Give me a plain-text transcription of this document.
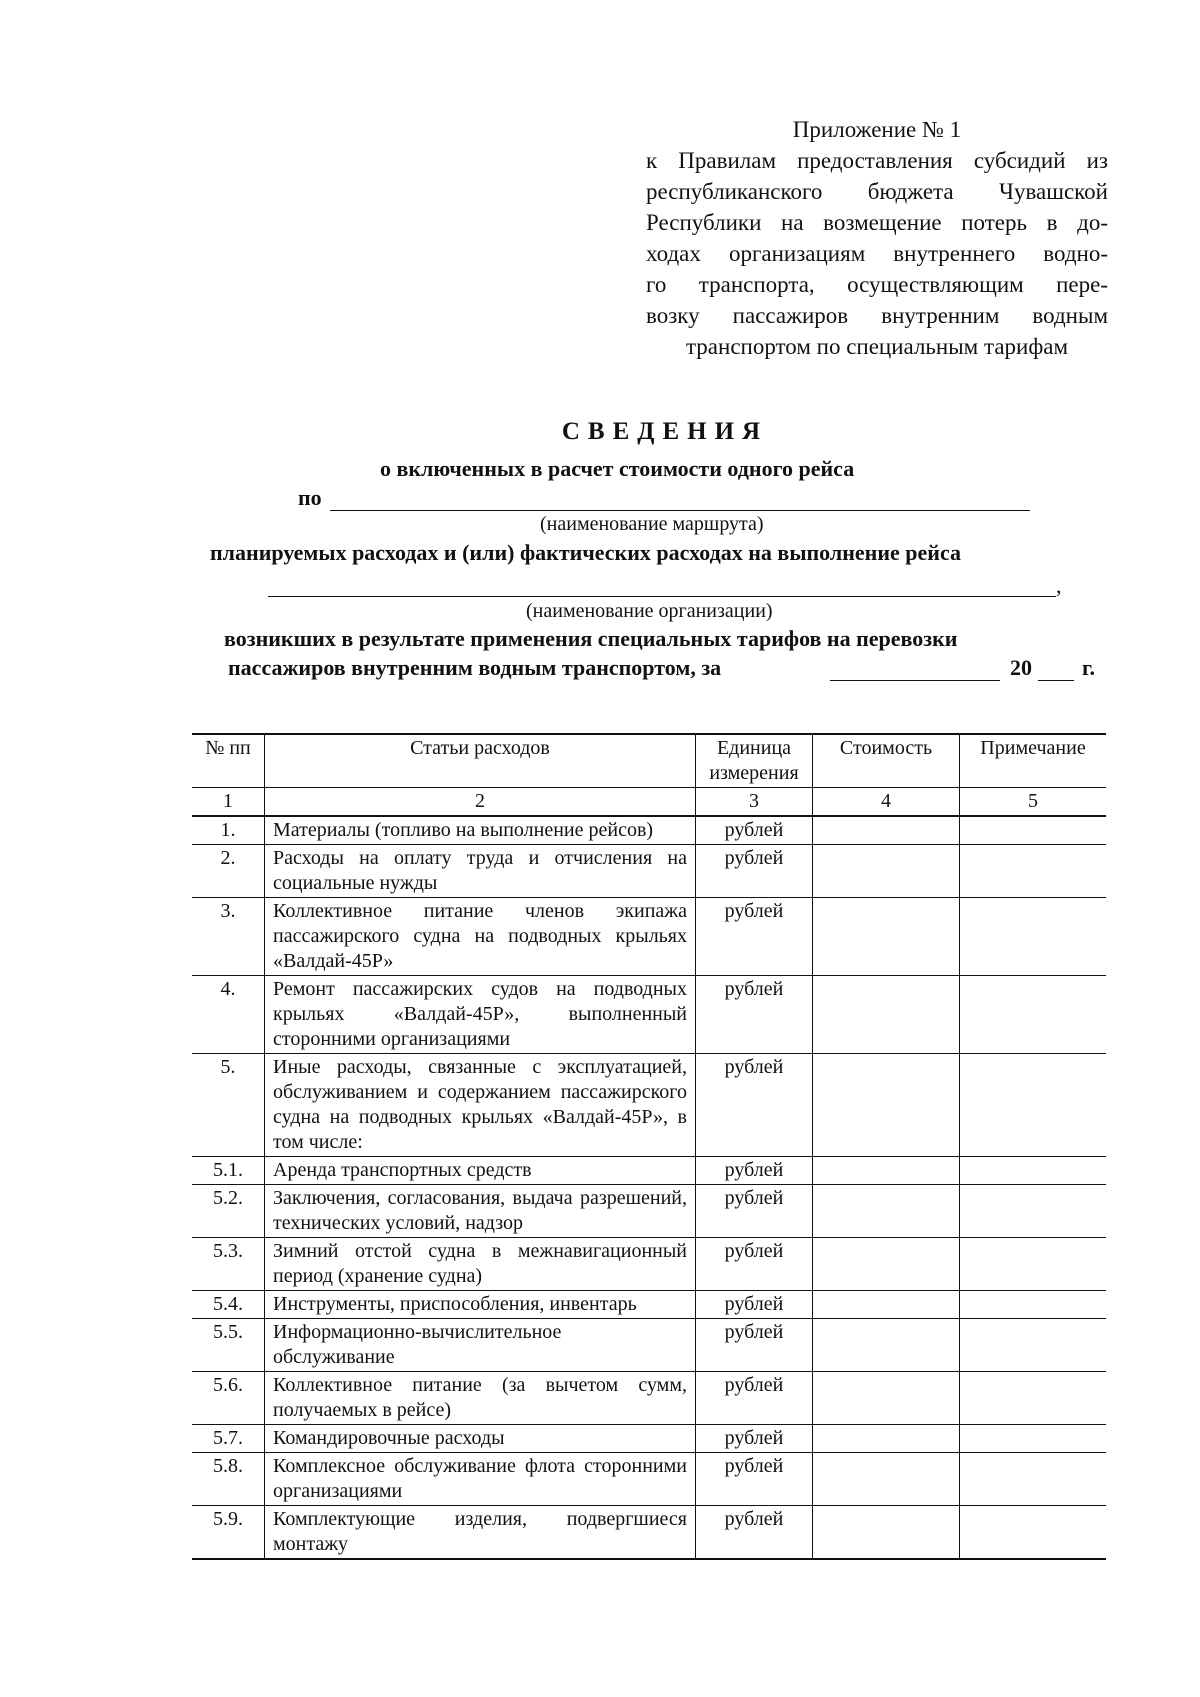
Приложение № 1
к Правилам предоставления субсидий из
республиканского бюджета Чувашской
Республики на возмещение потерь в до-
ходах организациям внутреннего водно-
го транспорта, осуществляющим пере-
возку пассажиров внутренним водным
транспортом по специальным тарифам
СВЕДЕНИЯ
о включенных в расчет стоимости одного рейса
по
(наименование маршрута)
планируемых расходах и (или) фактических расходах на выполнение рейса
,
(наименование организации)
возникших в результате применения специальных тарифов на перевозки
пассажиров внутренним водным транспортом, за	20 г.
№ пп	Статьи расходов	Единица измерения	Стоимость	Примечание
1	2	3	4	5
1.	Материалы (топливо на выполнение рейсов)	рублей		
2.	Расходы на оплату труда и отчисления на социальные нужды	рублей		
3.	Коллективное питание членов экипажа пассажирского судна на подводных крыльях «Валдай-45Р»	рублей		
4.	Ремонт пассажирских судов на подводных крыльях «Валдай-45Р», выполненный сторонними организациями	рублей		
5.	Иные расходы, связанные с эксплуатацией, обслуживанием и содержанием пассажирского судна на подводных крыльях «Валдай-45Р», в том числе:	рублей		
5.1.	Аренда транспортных средств	рублей		
5.2.	Заключения, согласования, выдача разрешений, технических условий, надзор	рублей		
5.3.	Зимний отстой судна в межнавигационный период (хранение судна)	рублей		
5.4.	Инструменты, приспособления, инвентарь	рублей		
5.5.	Информационно-вычислительное обслуживание	рублей		
5.6.	Коллективное питание (за вычетом сумм, получаемых в рейсе)	рублей		
5.7.	Командировочные расходы	рублей		
5.8.	Комплексное обслуживание флота сторонними организациями	рублей		
5.9.	Комплектующие изделия, подвергшиеся монтажу	рублей		
